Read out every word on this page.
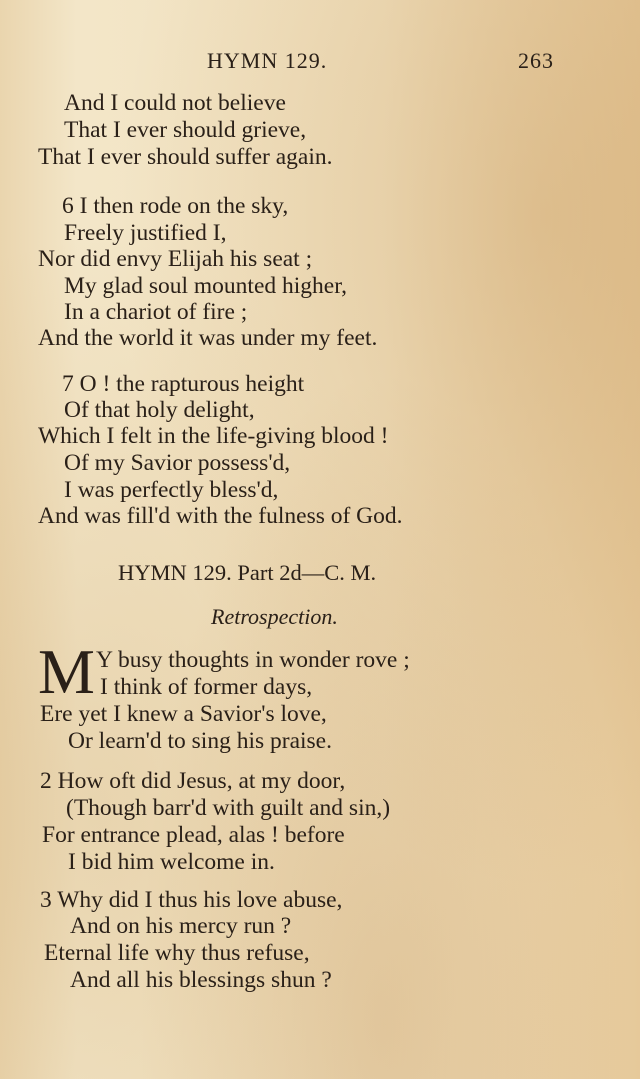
HYMN 129.	263
And I could not believe
That I ever should grieve,
That I ever should suffer again.
6 I then rode on the sky,
Freely justified I,
Nor did envy Elijah his seat ;
My glad soul mounted higher,
In a chariot of fire ;
And the world it was under my feet.
7 O ! the rapturous height
Of that holy delight,
Which I felt in the life-giving blood !
Of my Savior possess'd,
I was perfectly bless'd,
And was fill'd with the fulness of God.
HYMN 129. Part 2d—C. M.
Retrospection.
M Y busy thoughts in wonder rove ;
I think of former days,
Ere yet I knew a Savior's love,
Or learn'd to sing his praise.
2 How oft did Jesus, at my door,
(Though barr'd with guilt and sin,)
For entrance plead, alas ! before
I bid him welcome in.
3 Why did I thus his love abuse,
And on his mercy run ?
Eternal life why thus refuse,
And all his blessings shun ?
